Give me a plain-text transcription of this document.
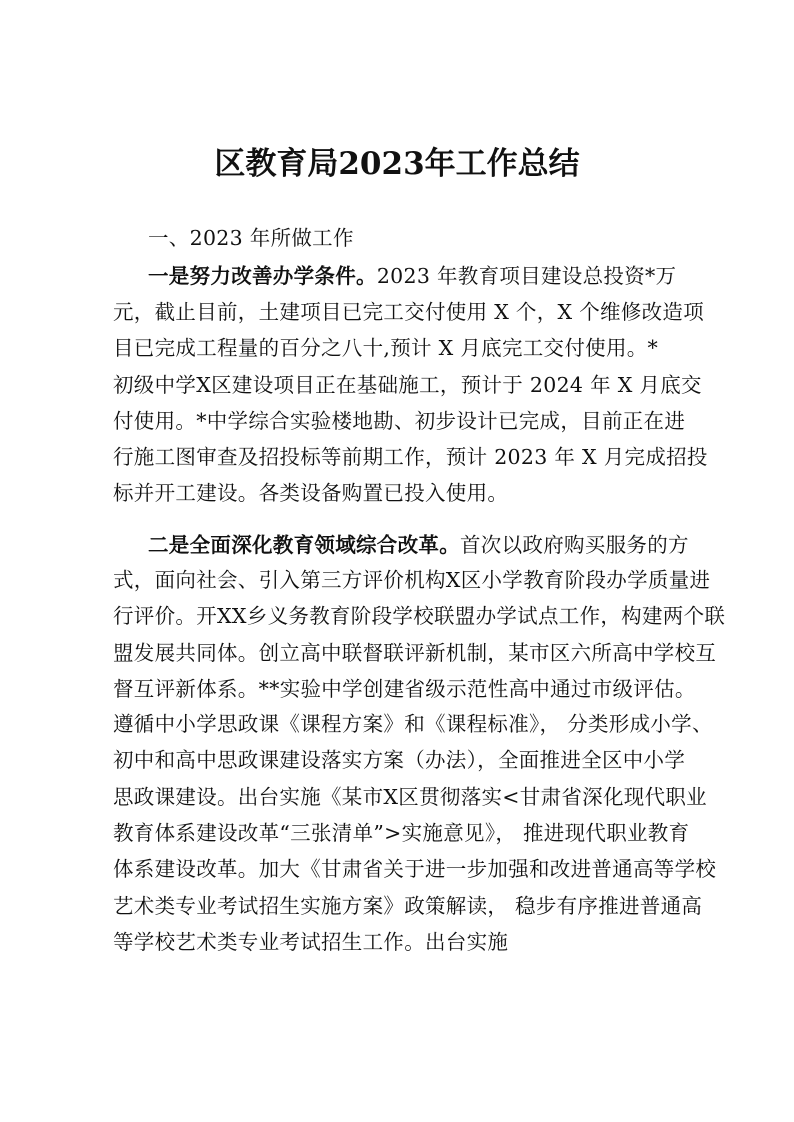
区教育局2023年工作总结
一、2023 年所做工作
一是努力改善办学条件。2023 年教育项目建设总投资*万
元，截止目前，土建项目已完工交付使用 X 个，X 个维修改造项
目已完成工程量的百分之八十,预计 X 月底完工交付使用。*
初级中学X区建设项目正在基础施工，预计于 2024 年 X 月底交
付使用。*中学综合实验楼地勘、初步设计已完成，目前正在进
行施工图审查及招投标等前期工作，预计 2023 年 X 月完成招投
标并开工建设。各类设备购置已投入使用。
二是全面深化教育领域综合改革。首次以政府购买服务的方
式，面向社会、引入第三方评价机构X区小学教育阶段办学质量进
行评价。开XX乡义务教育阶段学校联盟办学试点工作，构建两个联
盟发展共同体。创立高中联督联评新机制，某市区六所高中学校互
督互评新体系。**实验中学创建省级示范性高中通过市级评估。
遵循中小学思政课《课程方案》和《课程标准》， 分类形成小学、
初中和高中思政课建设落实方案（办法），全面推进全区中小学
思政课建设。出台实施《某市X区贯彻落实<甘肃省深化现代职业
教育体系建设改革“三张清单”>实施意见》， 推进现代职业教育
体系建设改革。加大《甘肃省关于进一步加强和改进普通高等学校
艺术类专业考试招生实施方案》政策解读， 稳步有序推进普通高
等学校艺术类专业考试招生工作。出台实施
